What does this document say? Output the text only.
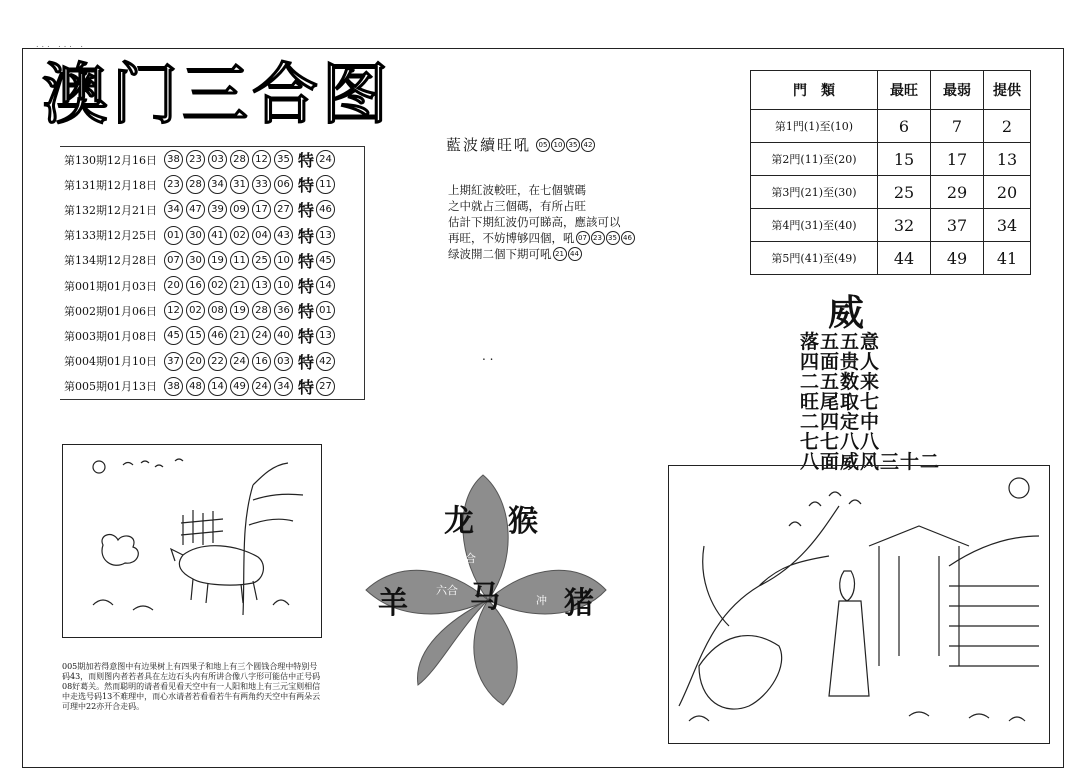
... ... .
澳门三合图
第130期12月16日	38 23 03 28 12 35 特 24
第131期12月18日	23 28 34 31 33 06 特 11
第132期12月21日	34 47 39 09 17 27 特 46
第133期12月25日	01 30 41 02 04 43 特 13
第134期12月28日	07 30 19 11 25 10 特 45
第001期01月03日	20 16 02 21 13 10 特 14
第002期01月06日	12 02 08 19 28 36 特 01
第003期01月08日	45 15 46 21 24 40 特 13
第004期01月10日	37 20 22 24 16 03 特 42
第005期01月13日	38 48 14 49 24 34 特 27
藍波續旺吼	05 10 35 42
上期紅波較旺，在七個號碼
之中就占三個碼，有所占旺
估計下期紅波仍可睇高，應該可以
再旺，不妨博够四個，吼 07 23 35 46
绿波開二個下期可吼 21 44
門　類	最旺	最弱	提供
第1門(1)至(10)	6	7	2
第2門(11)至(20)	15	17	13
第3門(21)至(30)	25	29	20
第4門(31)至(40)	32	37	34
第5門(41)至(49)	44	49	41
威
落五五意
四面贵人
二五数来
旺尾取七
二四定中
七七八八
八面威风三十二
005期加若得意图中有边果树上有四果子和地上有三个圆钱合理中特别号码43，而则图内者若者具在左边石头内有所讲合像八字形可能估中正号码08好葛关。然而聪明的请者看见看天空中有一人阳和地上有三元宝则相信中走选号码13不难理中，而心水请者若看看若牛有两角约天空中有两朵云可理中22亦开合走码。
龙 猴
羊 马 猪
三合	三合
六合
冲
. .
